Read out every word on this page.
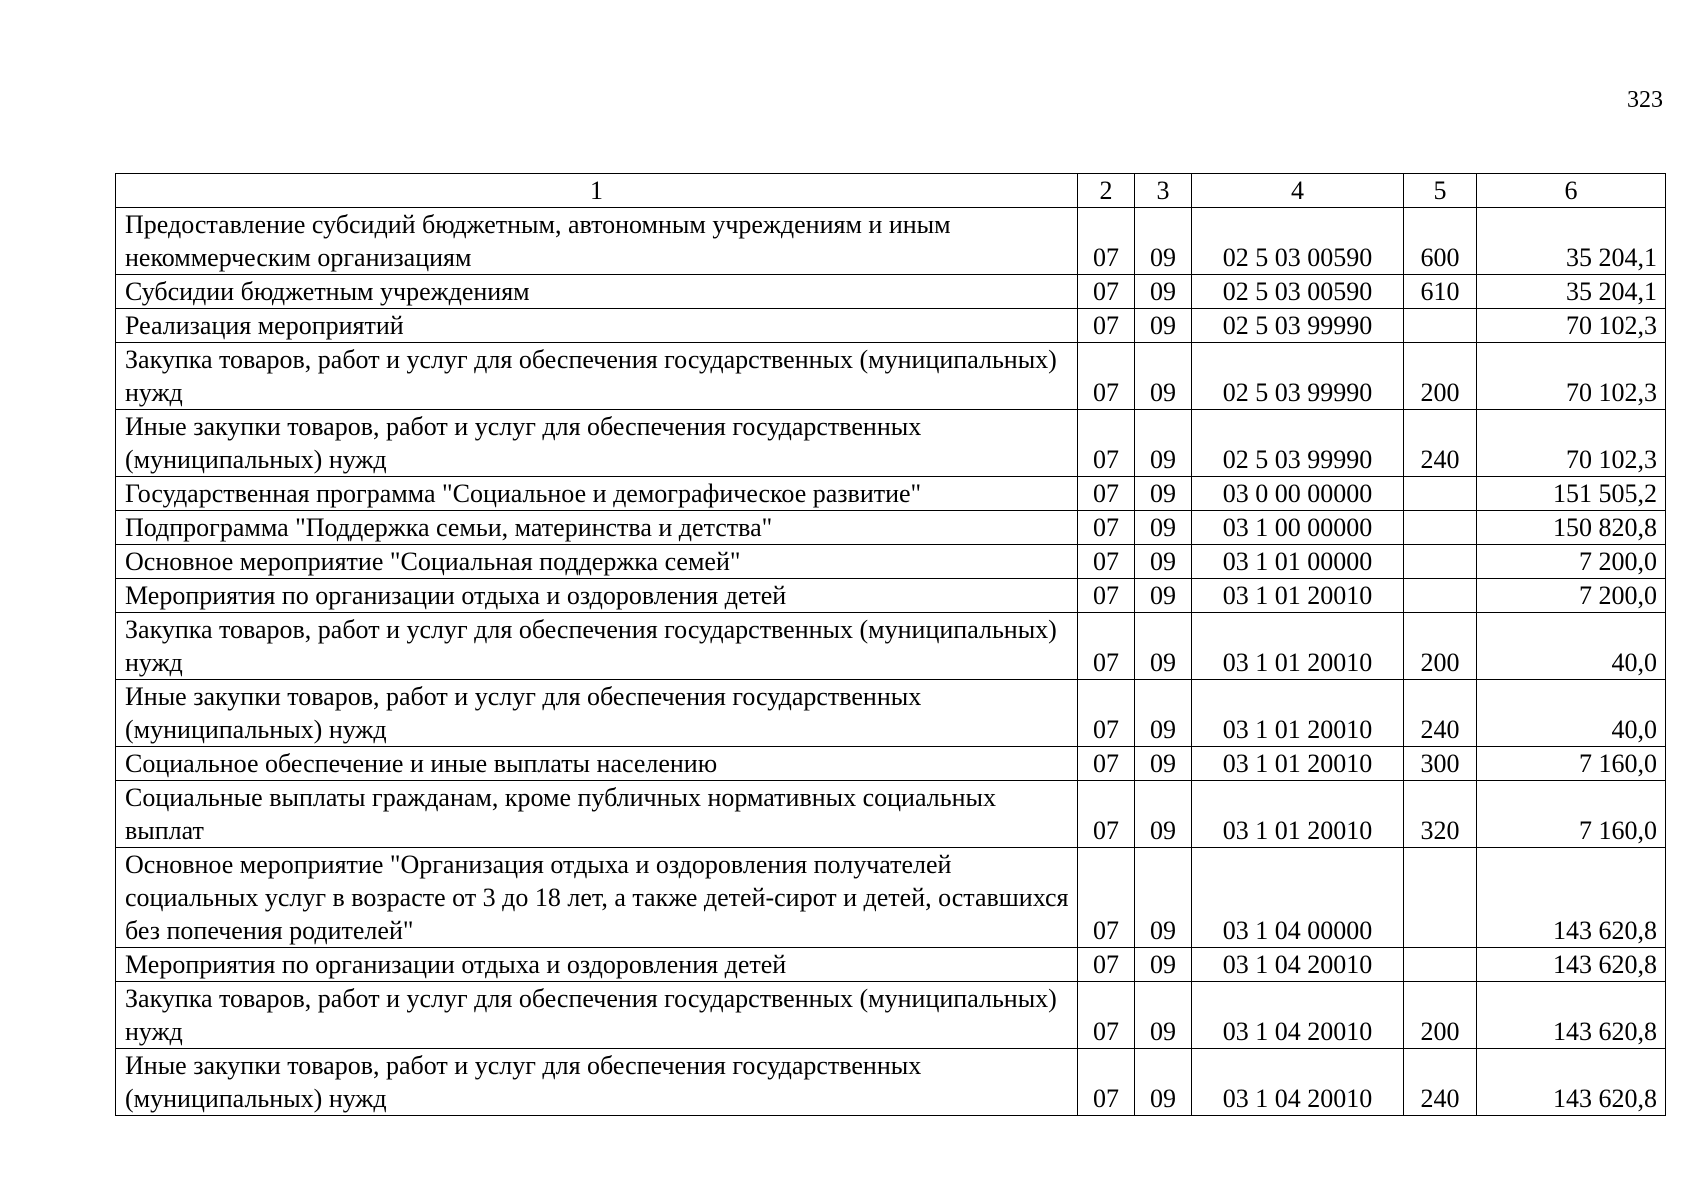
323
1	2	3	4	5	6
Предоставление субсидий бюджетным, автономным учреждениям и иным некоммерческим организациям	07	09	02 5 03 00590	600	35 204,1
Субсидии бюджетным учреждениям	07	09	02 5 03 00590	610	35 204,1
Реализация мероприятий	07	09	02 5 03 99990		70 102,3
Закупка товаров, работ и услуг для обеспечения государственных (муниципальных) нужд	07	09	02 5 03 99990	200	70 102,3
Иные закупки товаров, работ и услуг для обеспечения государственных (муниципальных) нужд	07	09	02 5 03 99990	240	70 102,3
Государственная программа "Социальное и демографическое развитие"	07	09	03 0 00 00000		151 505,2
Подпрограмма "Поддержка семьи, материнства и детства"	07	09	03 1 00 00000		150 820,8
Основное мероприятие "Социальная поддержка семей"	07	09	03 1 01 00000		7 200,0
Мероприятия по организации отдыха и оздоровления детей	07	09	03 1 01 20010		7 200,0
Закупка товаров, работ и услуг для обеспечения государственных (муниципальных) нужд	07	09	03 1 01 20010	200	40,0
Иные закупки товаров, работ и услуг для обеспечения государственных (муниципальных) нужд	07	09	03 1 01 20010	240	40,0
Социальное обеспечение и иные выплаты населению	07	09	03 1 01 20010	300	7 160,0
Социальные выплаты гражданам, кроме публичных нормативных социальных выплат	07	09	03 1 01 20010	320	7 160,0
Основное мероприятие "Организация отдыха и оздоровления получателей социальных услуг в возрасте от 3 до 18 лет, а также детей-сирот и детей, оставшихся без попечения родителей"	07	09	03 1 04 00000		143 620,8
Мероприятия по организации отдыха и оздоровления детей	07	09	03 1 04 20010		143 620,8
Закупка товаров, работ и услуг для обеспечения государственных (муниципальных) нужд	07	09	03 1 04 20010	200	143 620,8
Иные закупки товаров, работ и услуг для обеспечения государственных (муниципальных) нужд	07	09	03 1 04 20010	240	143 620,8
